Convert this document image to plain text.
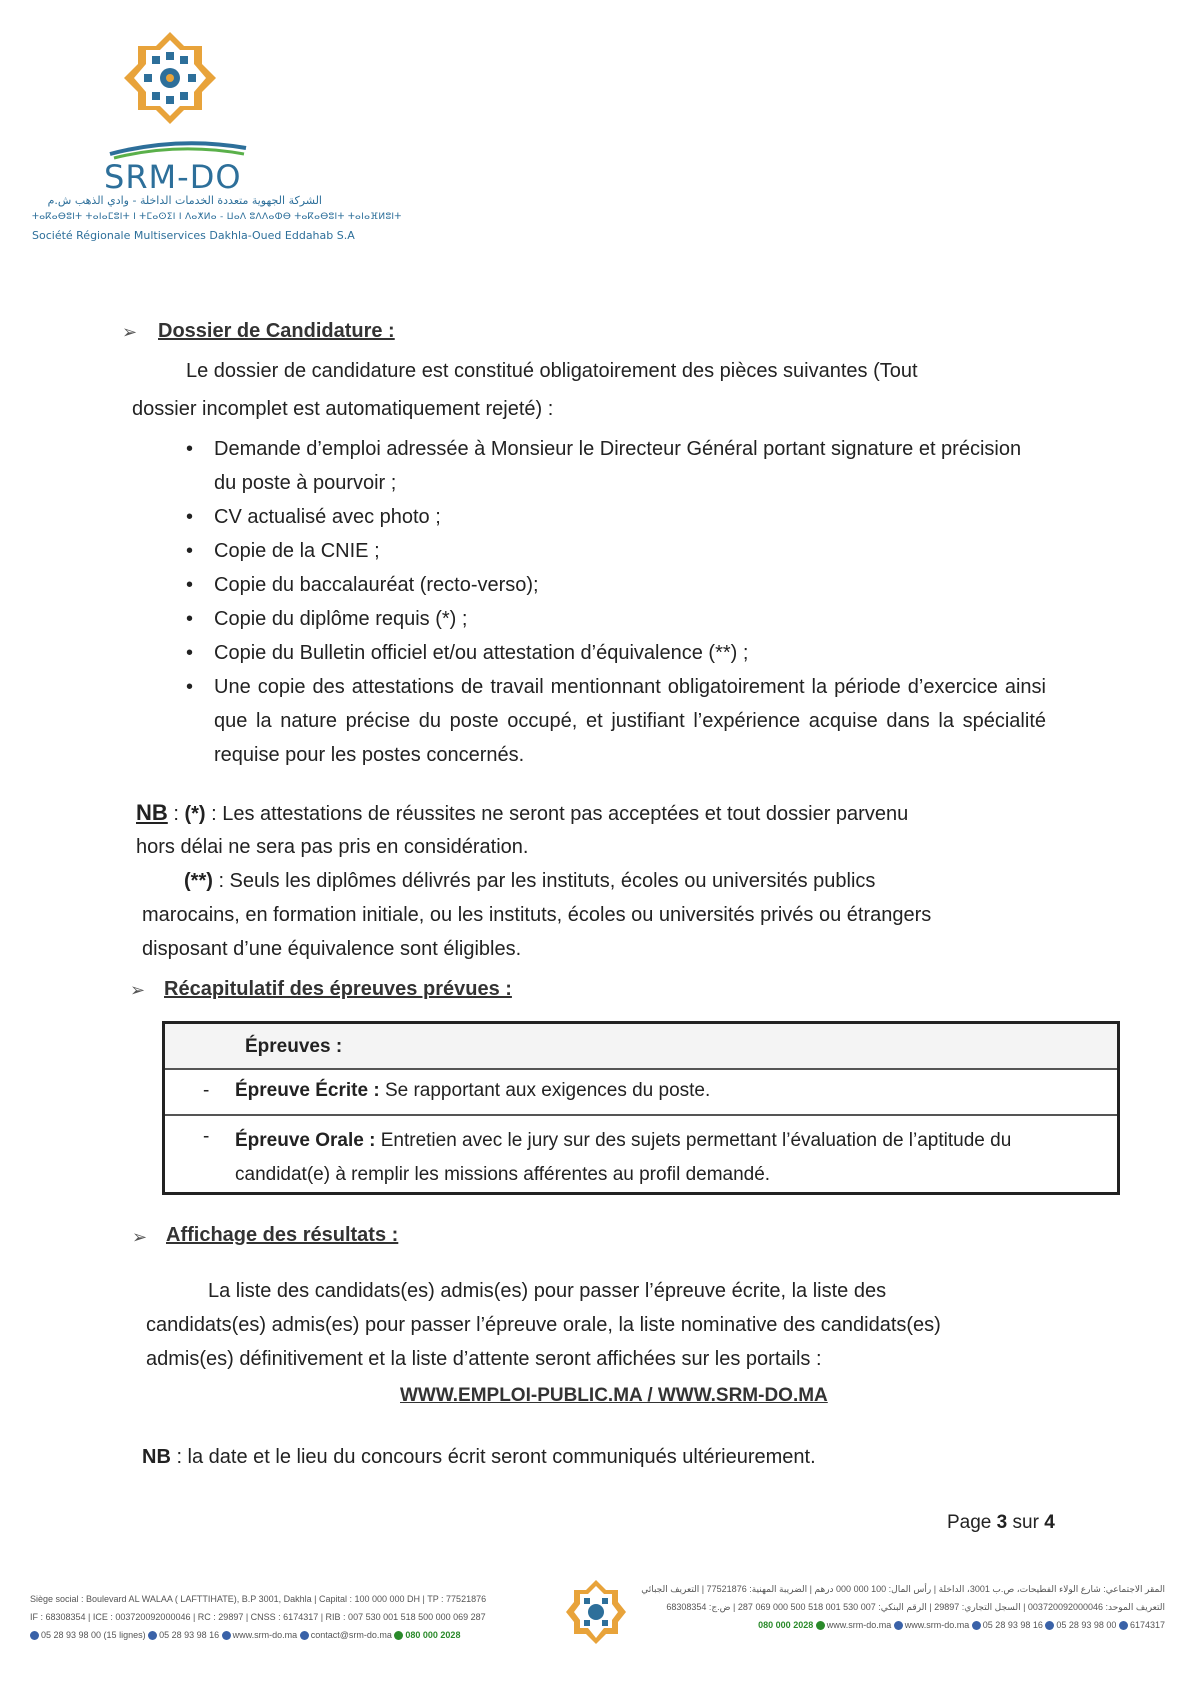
SRM-DO
الشركة الجهوية متعددة الخدمات الداخلة - وادي الذهب ش.م
ⵜⴰⴽⴰⴱⵓⵏⵜ ⵜⴰⵏⴰⵎⵓⵏⵜ ⵏ ⵜⵎⴰⵙⵉⵏ ⵏ ⴷⴰⵅⵍⴰ - ⵡⴰⴷ ⵓⴷⴷⴰⵀⴱ ⵜⴰⴽⴰⴱⵓⵏⵜ ⵜⴰⵏⴰⴼⵍⵓⵏⵜ
Société Régionale Multiservices Dakhla-Oued Eddahab S.A
➢ Dossier de Candidature :
Le dossier de candidature est constitué obligatoirement des pièces suivantes (Tout
dossier incomplet est automatiquement rejeté) :
• Demande d’emploi adressée à Monsieur le Directeur Général portant signature et précision du poste à pourvoir ;
• CV actualisé avec photo ;
• Copie de la CNIE ;
• Copie du baccalauréat (recto-verso);
• Copie du diplôme requis (*) ;
• Copie du Bulletin officiel et/ou attestation d’équivalence (**) ;
• Une copie des attestations de travail mentionnant obligatoirement la période d’exercice ainsi que la nature précise du poste occupé, et justifiant l’expérience acquise dans la spécialité requise pour les postes concernés.
NB : (*) : Les attestations de réussites ne seront pas acceptées et tout dossier parvenu
hors délai ne sera pas pris en considération.
(**) : Seuls les diplômes délivrés par les instituts, écoles ou universités publics
marocains, en formation initiale, ou les instituts, écoles ou universités privés ou étrangers
disposant d’une équivalence sont éligibles.
➢ Récapitulatif des épreuves prévues :
Épreuves :
- Épreuve Écrite : Se rapportant aux exigences du poste.
- Épreuve Orale : Entretien avec le jury sur des sujets permettant l’évaluation de l’aptitude du
candidat(e) à remplir les missions afférentes au profil demandé.
➢ Affichage des résultats :
La liste des candidats(es) admis(es) pour passer l’épreuve écrite, la liste des
candidats(es) admis(es) pour passer l’épreuve orale, la liste nominative des candidats(es)
admis(es) définitivement et la liste d’attente seront affichées sur les portails :
WWW.EMPLOI-PUBLIC.MA / WWW.SRM-DO.MA
NB : la date et le lieu du concours écrit seront communiqués ultérieurement.
Page 3 sur 4
Siège social : Boulevard AL WALAA ( LAFTTIHATE), B.P 3001, Dakhla | Capital : 100 000 000 DH | TP : 77521876
IF : 68308354 | ICE : 003720092000046 | RC : 29897 | CNSS : 6174317 | RIB : 007 530 001 518 500 000 069 287
05 28 93 98 00 (15 lignes) 05 28 93 98 16 www.srm-do.ma contact@srm-do.ma 080 000 2028
المقر الاجتماعي: شارع الولاء الفطيحات، ص.ب 3001، الداخلة | رأس المال: 100 000 000 درهم | الضريبة المهنية: 77521876 | التعريف الجبائي
التعريف الموحد: 003720092000046 | السجل التجاري: 29897 | الرقم البنكي: 007 530 001 518 500 000 069 287 | ض.ج: 68308354
080 000 2028 www.srm-do.ma www.srm-do.ma 05 28 93 98 16 05 28 93 98 00 6174317
